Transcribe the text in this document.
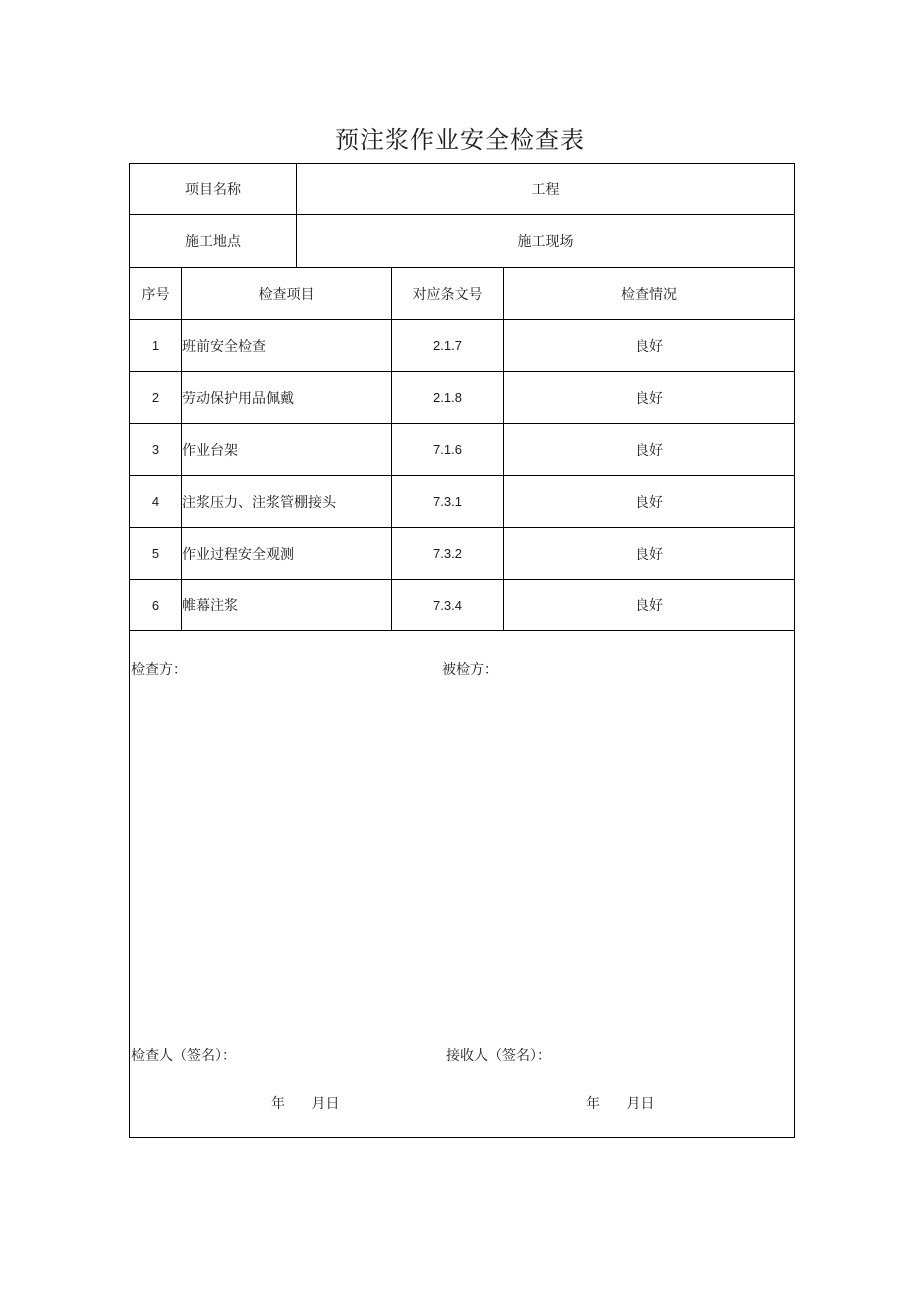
预注浆作业安全检查表
项目名称	工程
施工地点	施工现场
序号	检查项目	对应条文号	检查情况
1	班前安全检查	2.1.7	良好
2	劳动保护用品佩戴	2.1.8	良好
3	作业台架	7.1.6	良好
4	注浆压力、注浆管棚接头	7.3.1	良好
5	作业过程安全观测	7.3.2	良好
6	帷幕注浆	7.3.4	良好
检查方：	被检方：
检查人（签名）：	接收人（签名）：
年 月日	年 月日
